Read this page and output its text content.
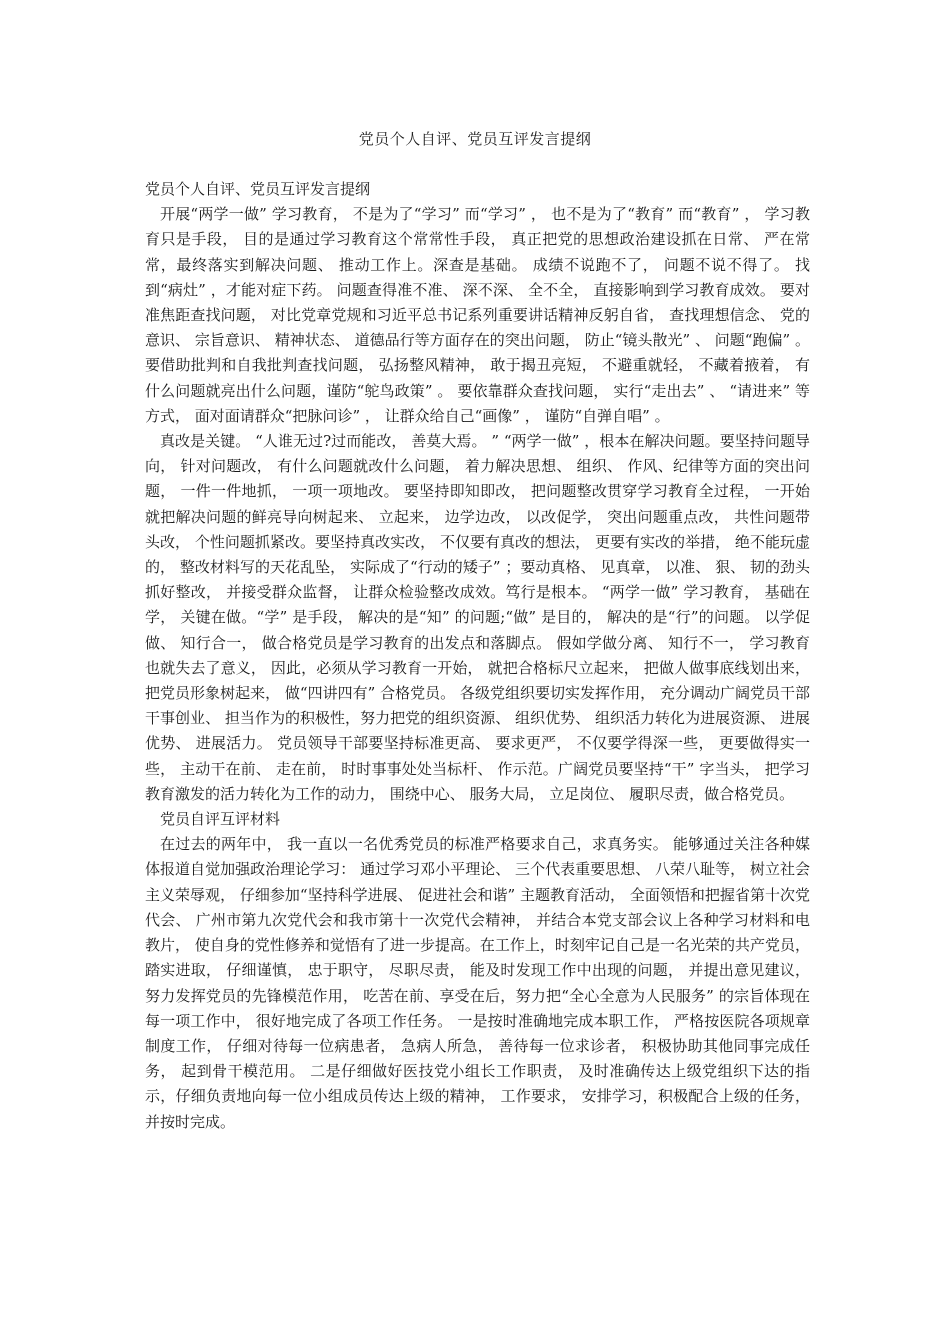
党员个人自评、党员互评发言提纲

党员个人自评、党员互评发言提纲

开展“两学一做” 学习教育， 不是为了“学习” 而“学习” ， 也不是为了“教育” 而“教育” ， 学习教育只是手段， 目的是通过学习教育这个常常性手段， 真正把党的思想政治建设抓在日常、 严在常常，最终落实到解决问题、 推动工作上。深查是基础。 成绩不说跑不了， 问题不说不得了。 找到“病灶” ，才能对症下药。 问题查得准不准、 深不深、 全不全， 直接影响到学习教育成效。 要对准焦距查找问题， 对比党章党规和习近平总书记系列重要讲话精神反躬自省， 查找理想信念、 党的意识、 宗旨意识、 精神状态、 道德品行等方面存在的突出问题， 防止“镜头散光” 、 问题“跑偏” 。 要借助批判和自我批判查找问题， 弘扬整风精神， 敢于揭丑亮短， 不避重就轻， 不藏着掖着， 有什么问题就亮出什么问题，谨防“鸵鸟政策” 。 要依靠群众查找问题， 实行“走出去” 、 “请进来” 等方式， 面对面请群众“把脉问诊” ， 让群众给自己“画像” ， 谨防“自弹自唱” 。

真改是关键。 “人谁无过?过而能改， 善莫大焉。 ” “两学一做” ，根本在解决问题。要坚持问题导向， 针对问题改， 有什么问题就改什么问题， 着力解决思想、 组织、 作风、纪律等方面的突出问题， 一件一件地抓， 一项一项地改。 要坚持即知即改， 把问题整改贯穿学习教育全过程， 一开始就把解决问题的鲜亮导向树起来、 立起来， 边学边改， 以改促学， 突出问题重点改， 共性问题带头改， 个性问题抓紧改。要坚持真改实改， 不仅要有真改的想法， 更要有实改的举措， 绝不能玩虚的， 整改材料写的天花乱坠， 实际成了“行动的矮子” ；要动真格、 见真章， 以准、 狠、 韧的劲头抓好整改， 并接受群众监督， 让群众检验整改成效。笃行是根本。 “两学一做” 学习教育， 基础在学， 关键在做。“学” 是手段， 解决的是“知” 的问题;“做” 是目的， 解决的是“行”的问题。 以学促做、 知行合一， 做合格党员是学习教育的出发点和落脚点。 假如学做分离、 知行不一， 学习教育也就失去了意义， 因此，必须从学习教育一开始， 就把合格标尺立起来， 把做人做事底线划出来， 把党员形象树起来， 做“四讲四有” 合格党员。 各级党组织要切实发挥作用， 充分调动广阔党员干部干事创业、 担当作为的积极性，努力把党的组织资源、 组织优势、 组织活力转化为进展资源、 进展优势、 进展活力。 党员领导干部要坚持标准更高、 要求更严， 不仅要学得深一些， 更要做得实一些， 主动干在前、 走在前， 时时事事处处当标杆、 作示范。广阔党员要坚持“干” 字当头， 把学习教育激发的活力转化为工作的动力， 围绕中心、 服务大局， 立足岗位、 履职尽责，做合格党员。

党员自评互评材料

在过去的两年中， 我一直以一名优秀党员的标准严格要求自己，求真务实。 能够通过关注各种媒体报道自觉加强政治理论学习： 通过学习邓小平理论、 三个代表重要思想、 八荣八耻等， 树立社会主义荣辱观， 仔细参加“坚持科学进展、 促进社会和谐” 主题教育活动， 全面领悟和把握省第十次党代会、 广州市第九次党代会和我市第十一次党代会精神， 并结合本党支部会议上各种学习材料和电教片， 使自身的党性修养和觉悟有了进一步提高。在工作上，时刻牢记自己是一名光荣的共产党员， 踏实进取， 仔细谨慎， 忠于职守， 尽职尽责， 能及时发现工作中出现的问题， 并提出意见建议， 努力发挥党员的先锋模范作用， 吃苦在前、享受在后，努力把“全心全意为人民服务” 的宗旨体现在每一项工作中， 很好地完成了各项工作任务。 一是按时准确地完成本职工作， 严格按医院各项规章制度工作， 仔细对待每一位病患者， 急病人所急， 善待每一位求诊者， 积极协助其他同事完成任务， 起到骨干模范用。 二是仔细做好医技党小组长工作职责， 及时准确传达上级党组织下达的指示，仔细负责地向每一位小组成员传达上级的精神， 工作要求， 安排学习，积极配合上级的任务， 并按时完成。
